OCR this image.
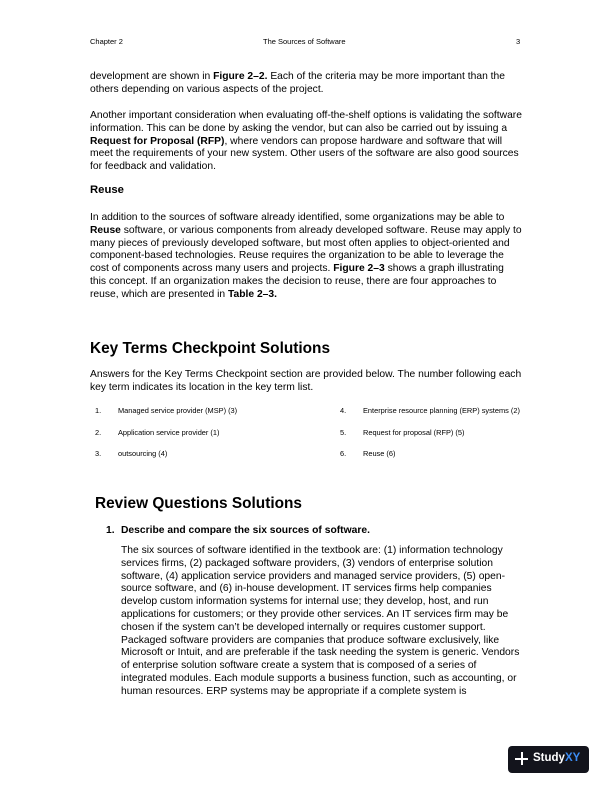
Chapter 2	The Sources of Software	3

development are shown in Figure 2–2. Each of the criteria may be more important than the others depending on various aspects of the project.

Another important consideration when evaluating off-the-shelf options is validating the software information. This can be done by asking the vendor, but can also be carried out by issuing a Request for Proposal (RFP), where vendors can propose hardware and software that will meet the requirements of your new system. Other users of the software are also good sources for feedback and validation.

Reuse

In addition to the sources of software already identified, some organizations may be able to Reuse software, or various components from already developed software. Reuse may apply to many pieces of previously developed software, but most often applies to object-oriented and component-based technologies. Reuse requires the organization to be able to leverage the cost of components across many users and projects. Figure 2–3 shows a graph illustrating this concept. If an organization makes the decision to reuse, there are four approaches to reuse, which are presented in Table 2–3.

Key Terms Checkpoint Solutions

Answers for the Key Terms Checkpoint section are provided below. The number following each key term indicates its location in the key term list.

1. Managed service provider (MSP) (3)	4. Enterprise resource planning (ERP) systems (2)
2. Application service provider (1)	5. Request for proposal (RFP) (5)
3. outsourcing (4)	6. Reuse (6)
Review Questions Solutions
1. Describe and compare the six sources of software.

The six sources of software identified in the textbook are: (1) information technology services firms, (2) packaged software providers, (3) vendors of enterprise solution software, (4) application service providers and managed service providers, (5) open-source software, and (6) in-house development. IT services firms help companies develop custom information systems for internal use; they develop, host, and run applications for customers; or they provide other services. An IT services firm may be chosen if the system can’t be developed internally or requires customer support. Packaged software providers are companies that produce software exclusively, like Microsoft or Intuit, and are preferable if the task needing the system is generic. Vendors of enterprise solution software create a system that is composed of a series of integrated modules. Each module supports a business function, such as accounting, or human resources. ERP systems may be appropriate if a complete system is

StudyXY
